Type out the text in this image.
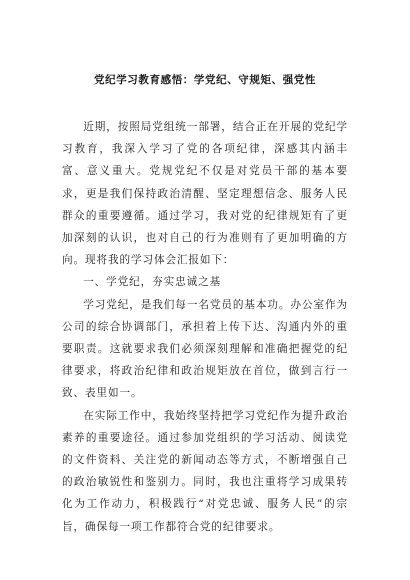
党纪学习教育感悟：学党纪、守规矩、强党性

近期，按照局党组统一部署，结合正在开展的党纪学习教育，我深入学习了党的各项纪律，深感其内涵丰富、意义重大。党规党纪不仅是对党员干部的基本要求，更是我们保持政治清醒、坚定理想信念、服务人民群众的重要遵循。通过学习，我对党的纪律规矩有了更加深刻的认识，也对自己的行为准则有了更加明确的方向。现将我的学习体会汇报如下：

一、学党纪，夯实忠诚之基

学习党纪，是我们每一名党员的基本功。办公室作为公司的综合协调部门，承担着上传下达、沟通内外的重要职责。这就要求我们必须深刻理解和准确把握党的纪律要求，将政治纪律和政治规矩放在首位，做到言行一致、表里如一。

在实际工作中，我始终坚持把学习党纪作为提升政治素养的重要途径。通过参加党组织的学习活动、阅读党的文件资料、关注党的新闻动态等方式，不断增强自己的政治敏锐性和鉴别力。同时，我也注重将学习成果转化为工作动力，积极践行“对党忠诚、服务人民”的宗旨，确保每一项工作都符合党的纪律要求。
